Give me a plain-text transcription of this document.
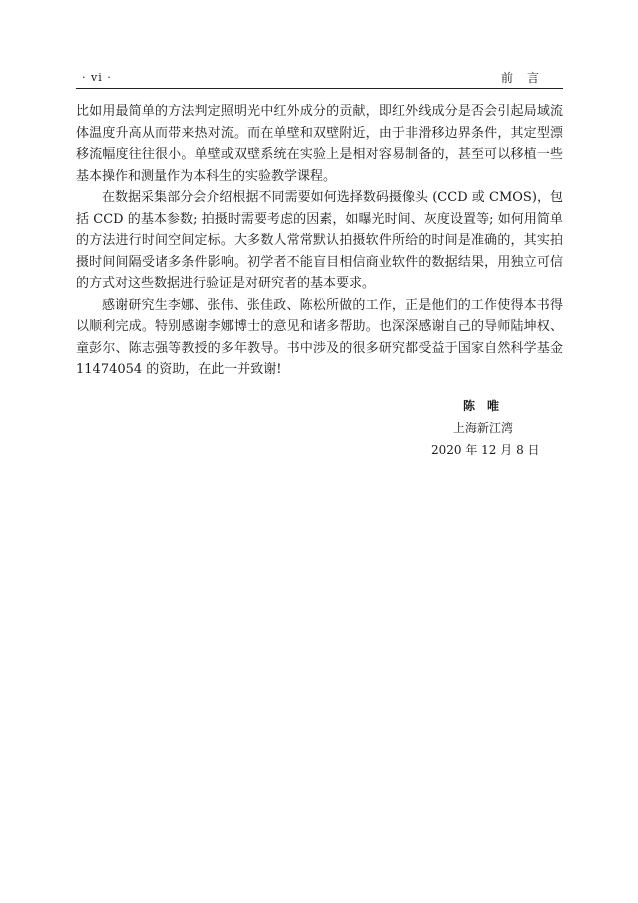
· vi ·	前言

比如用最简单的方法判定照明光中红外成分的贡献，即红外线成分是否会引起局域流体温度升高从而带来热对流。而在单壁和双壁附近，由于非滑移边界条件，其定型漂移流幅度往往很小。单壁或双壁系统在实验上是相对容易制备的，甚至可以移植一些基本操作和测量作为本科生的实验教学课程。

在数据采集部分会介绍根据不同需要如何选择数码摄像头 (CCD 或 CMOS)，包括 CCD 的基本参数; 拍摄时需要考虑的因素，如曝光时间、灰度设置等; 如何用简单的方法进行时间空间定标。大多数人常常默认拍摄软件所给的时间是准确的，其实拍摄时间间隔受诸多条件影响。初学者不能盲目相信商业软件的数据结果，用独立可信的方式对这些数据进行验证是对研究者的基本要求。

感谢研究生李娜、张伟、张佳政、陈松所做的工作，正是他们的工作使得本书得以顺利完成。特别感谢李娜博士的意见和诸多帮助。也深深感谢自己的导师陆坤权、童彭尔、陈志强等教授的多年教导。书中涉及的很多研究都受益于国家自然科学基金 11474054 的资助，在此一并致谢!

陈唯
上海新江湾
2020 年 12 月 8 日
